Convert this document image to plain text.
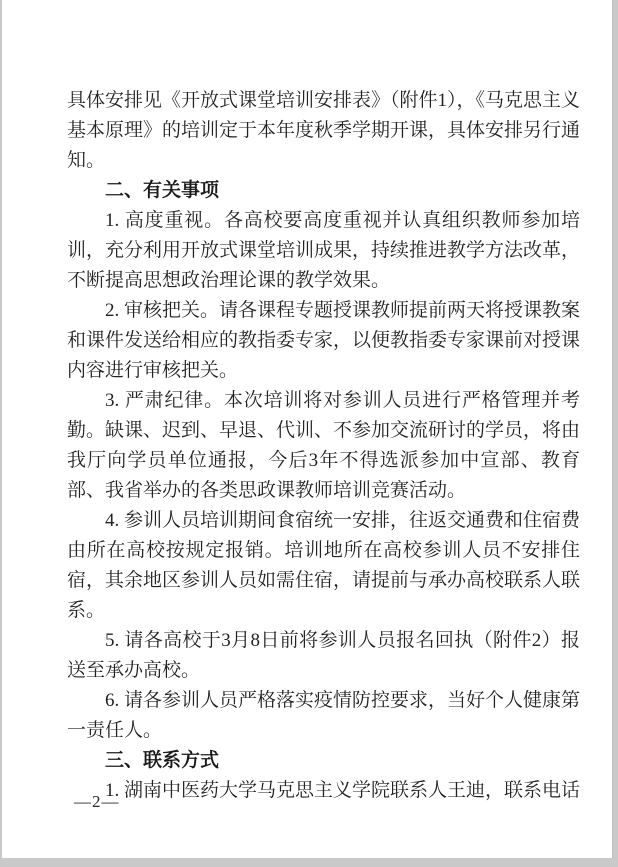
具体安排见《开放式课堂培训安排表》（附件1），《马克思主义基本原理》的培训定于本年度秋季学期开课，具体安排另行通知。

二、有关事项

1. 高度重视。各高校要高度重视并认真组织教师参加培训，充分利用开放式课堂培训成果，持续推进教学方法改革，不断提高思想政治理论课的教学效果。

2. 审核把关。请各课程专题授课教师提前两天将授课教案和课件发送给相应的教指委专家，以便教指委专家课前对授课内容进行审核把关。

3. 严肃纪律。本次培训将对参训人员进行严格管理并考勤。缺课、迟到、早退、代训、不参加交流研讨的学员，将由我厅向学员单位通报，今后3年不得选派参加中宣部、教育部、我省举办的各类思政课教师培训竞赛活动。

4. 参训人员培训期间食宿统一安排，往返交通费和住宿费由所在高校按规定报销。培训地所在高校参训人员不安排住宿，其余地区参训人员如需住宿，请提前与承办高校联系人联系。

5. 请各高校于3月8日前将参训人员报名回执（附件2）报送至承办高校。

6. 请各参训人员严格落实疫情防控要求，当好个人健康第一责任人。

三、联系方式

1. 湖南中医药大学马克思主义学院联系人王迪，联系电话

—2—
